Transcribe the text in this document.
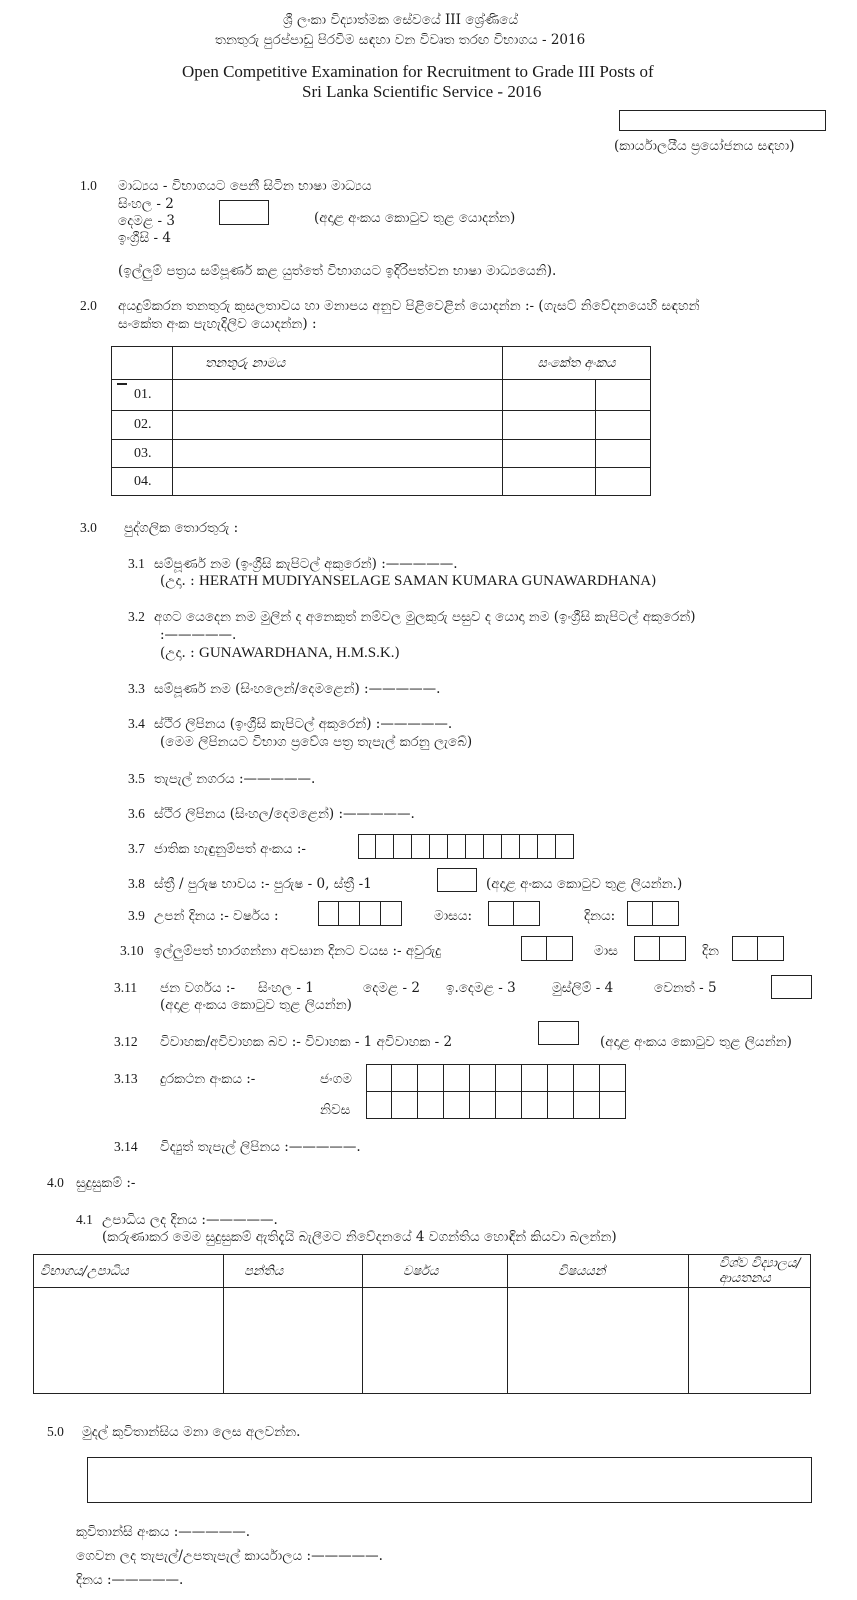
ශ්‍රී ලංකා විද්‍යාත්මක සේවයේ III ශ්‍රේණියේ
තනතුරු පුරප්පාඩු පිරවීම සඳහා වන විවෘත තරඟ විභාගය - 2016
Open Competitive Examination for Recruitment to Grade III Posts of
Sri Lanka Scientific Service - 2016
(කාර්යාලයීය ප්‍රයෝජනය සඳහා)
1.0 මාධ්‍යය - විභාගයට පෙනී සිටින භාෂා මාධ්‍යය
සිංහල - 2
දෙමළ - 3
ඉංග්‍රීසි - 4
(අදාළ අංකය කොටුව තුළ යොදන්න)
(ඉල්ලුම් පත්‍රය සම්පූර්ණ කළ යුත්තේ විභාගයට ඉදිරිපත්වන භාෂා මාධ්‍යයෙනි).
2.0 අයදුම්කරන තනතුරු කුසලතාවය හා මනාපය අනුව පිළිවෙළින් යොදන්න :- (ගැසට් නිවේදනයෙහි සඳහන්
සංකේත අංක පැහැදිලිව යොදන්න) :
	තනතුරු නාමය	සංකේත අංකය	
01.			
02.			
03.			
04.			
3.0 පුද්ගලික තොරතුරු :
3.1 සම්පූර්ණ නම (ඉංග්‍රීසි කැපිටල් අකුරෙන්) :—————.
(උදා. : HERATH MUDIYANSELAGE SAMAN KUMARA GUNAWARDHANA)
3.2 අගට යෙදෙන නම මුලින් ද අනෙකුත් නම්වල මුලකුරු පසුව ද යොදා නම (ඉංග්‍රීසි කැපිටල් අකුරෙන්)
:—————.
(උදා. : GUNAWARDHANA, H.M.S.K.)
3.3 සම්පූර්ණ නම (සිංහලෙන්/දෙමළෙන්) :—————.
3.4 ස්ථිර ලිපිනය (ඉංග්‍රීසි කැපිටල් අකුරෙන්) :—————.
(මෙම ලිපිනයට විභාග ප්‍රවේශ පත්‍ර තැපැල් කරනු ලැබේ)
3.5 තැපැල් නගරය :—————.
3.6 ස්ථිර ලිපිනය (සිංහල/දෙමළෙන්) :—————.
3.7 ජාතික හැඳුනුම්පත් අංකය :-
3.8 ස්ත්‍රී / පුරුෂ භාවය :- පුරුෂ - 0, ස්ත්‍රී -1	(අදාළ අංකය කොටුව තුළ ලියන්න.)
3.9 උපන් දිනය :- වර්ෂය :	මාසය:	දිනය:
3.10 ඉල්ලුම්පත් භාරගන්නා අවසාන දිනට වයස :- අවුරුදු	මාස	දින
3.11 ජන වර්ගය :- සිංහල - 1	දෙමළ - 2 ඉ.දෙමළ - 3	මුස්ලිම් - 4	වෙනත් - 5
(අදාළ අංකය කොටුව තුළ ලියන්න)
3.12 විවාහක/අවිවාහක බව :- විවාහක - 1 අවිවාහක - 2	(අදාළ අංකය කොටුව තුළ ලියන්න)
3.13 දුරකථන අංකය :-	ජංගම
නිවස
3.14 විද්‍යුත් තැපැල් ලිපිනය :—————.
4.0 සුදුසුකම් :-
4.1 උපාධිය ලද දිනය :—————.
(කරුණාකර මෙම සුදුසුකම් ඇතිදැයි බැලීමට නිවේදනයේ 4 වගන්තිය හොඳින් කියවා බලන්න)
විභාගය/උපාධිය	පන්තිය	වර්ෂය	විෂයයන්	විශ්ව විද්‍යාලය/ආයතනය

5.0 මුදල් කුවිතාන්සිය මනා ලෙස අලවන්න.
කුවිතාන්සි අංකය :—————.
ගෙවන ලද තැපැල්/උපතැපැල් කාර්යාලය :—————.
දිනය :—————.
